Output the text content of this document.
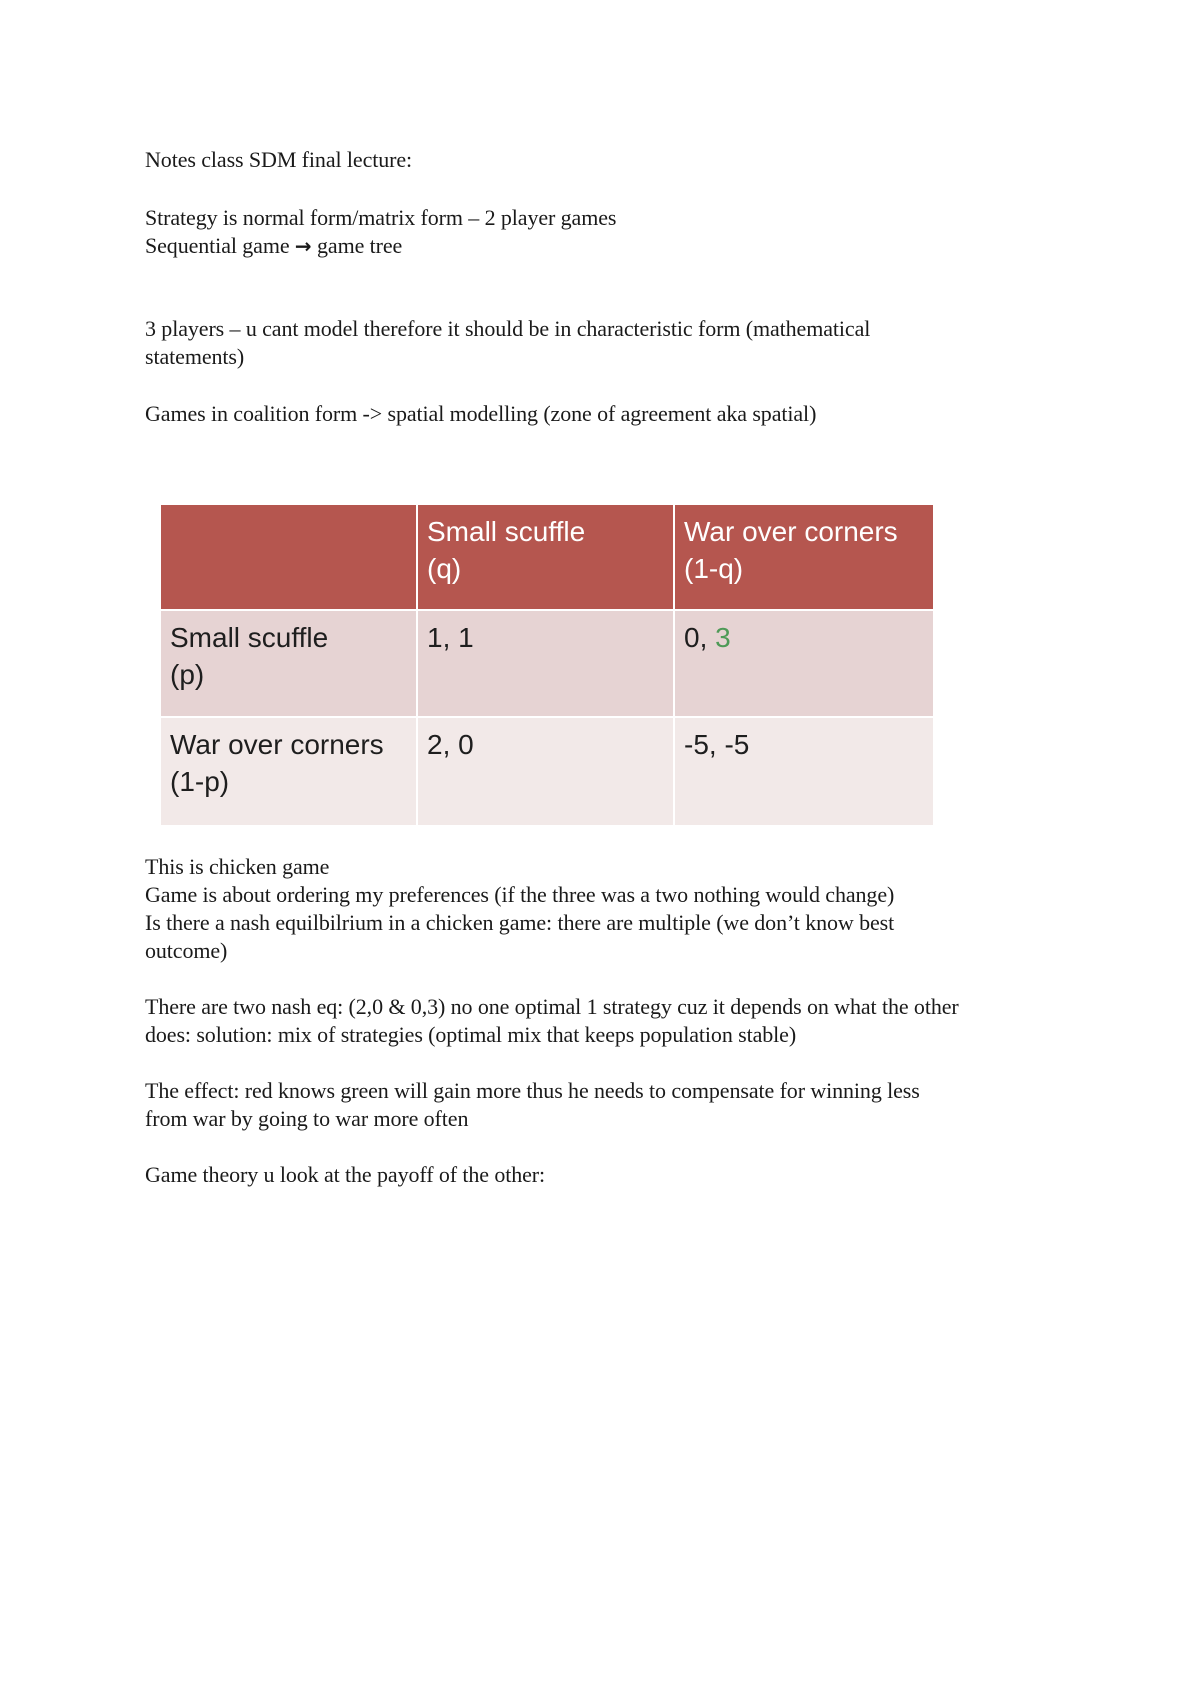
Notes class SDM final lecture:
Strategy is normal form/matrix form – 2 player games
Sequential game → game tree
3 players – u cant model therefore it should be in characteristic form (mathematical
statements)
Games in coalition form -> spatial modelling (zone of agreement aka spatial)

	Small scuffle
(q)	War over corners
(1-q)

Small scuffle
(p)	1, 1	0, 3

War over corners
(1-p)	2, 0	-5, -5
This is chicken game
Game is about ordering my preferences (if the three was a two nothing would change)
Is there a nash equilbilrium in a chicken game: there are multiple (we don’t know best
outcome)
There are two nash eq: (2,0 & 0,3) no one optimal 1 strategy cuz it depends on what the other
does: solution: mix of strategies (optimal mix that keeps population stable)
The effect: red knows green will gain more thus he needs to compensate for winning less
from war by going to war more often
Game theory u look at the payoff of the other:
